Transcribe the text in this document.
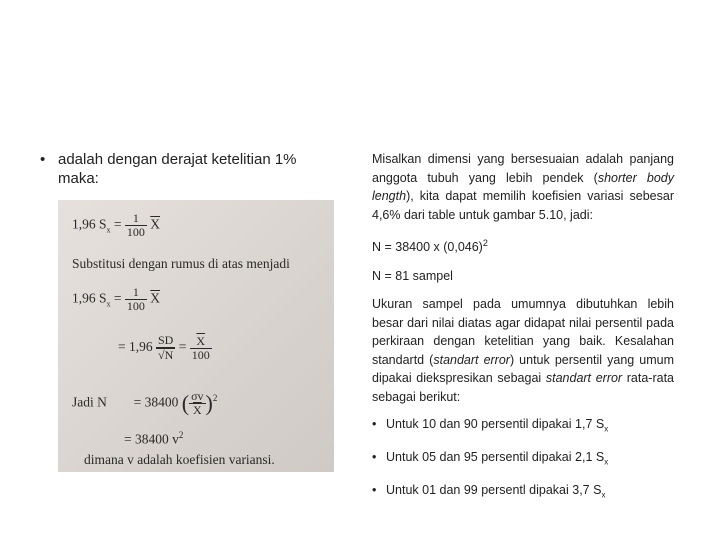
• adalah dengan derajat ketelitian 1% maka:
1,96 $S_x = \frac{1}{100} \overline{X}$
Substitusi dengan rumus di atas menjadi
1,96 $S_x = \frac{1}{100} \overline{X}$
= $1,96 \frac{SD}{√N} = \frac{\overline{X}}{100}$
Jadi N = 38400 ( $\frac{\sigma v}{X} )^2$
= 38400 $v^2$
dimana v adalah koefisien variansi.

Misalkan dimensi yang bersesuaian adalah panjang anggota tubuh yang lebih pendek (shorter body length), kita dapat memilih koefisien variasi sebesar 4,6% dari table untuk gambar 5.10, jadi:

N = 38400 x $(0,046)^2$

N = 81 sampel

Ukuran sampel pada umumnya dibutuhkan lebih besar dari nilai diatas agar didapat nilai persentil pada perkiraan dengan ketelitian yang baik. Kesalahan standartd (standart error) untuk persentil yang umum dipakai diekspresikan sebagai standart error rata-rata sebagai berikut:

• Untuk 10 dan 90 persentil dipakai 1,7 $S_x$
• Untuk 05 dan 95 persentil dipakai 2,1 $S_x$
• Untuk 01 dan 99 persentl dipakai 3,7 $S_x$
